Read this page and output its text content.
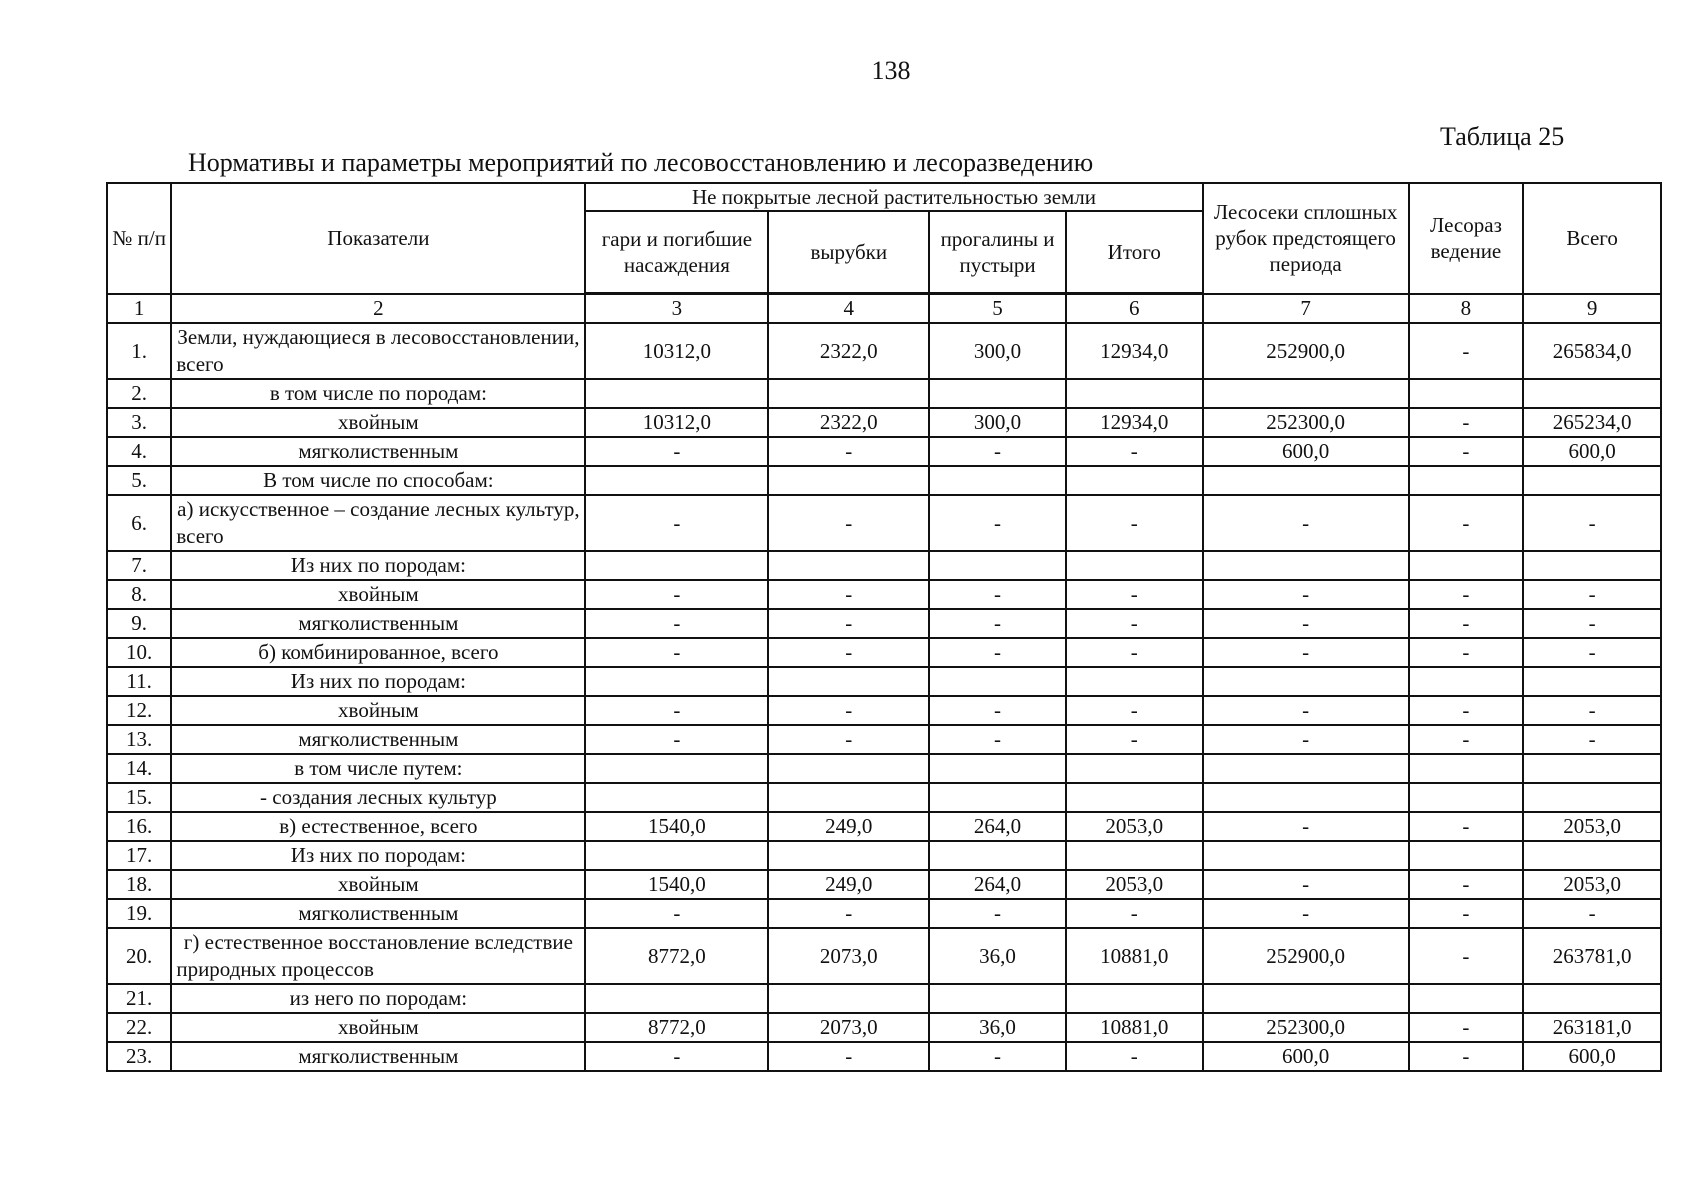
138
Таблица 25
Нормативы и параметры мероприятий по лесовосстановлению и лесоразведению
№ п/п	Показатели	Не покрытые лесной растительностью земли				Лесосеки сплошных рубок предстоящего периода	Лесораз ведение	Всего
		гари и погибшие насаждения	вырубки	прогалины и пустыри	Итого			
1	2	3	4	5	6	7	8	9
1.	Земли, нуждающиеся в лесовосстановлении, всего	10312,0	2322,0	300,0	12934,0	252900,0	-	265834,0
2.	в том числе по породам:							
3.	хвойным	10312,0	2322,0	300,0	12934,0	252300,0	-	265234,0
4.	мягколиственным	-	-	-	-	600,0	-	600,0
5.	В том числе по способам:							
6.	а) искусственное – создание лесных культур, всего	-	-	-	-	-	-	-
7.	Из них по породам:							
8.	хвойным	-	-	-	-	-	-	-
9.	мягколиственным	-	-	-	-	-	-	-
10.	б) комбинированное, всего	-	-	-	-	-	-	-
11.	Из них по породам:							
12.	хвойным	-	-	-	-	-	-	-
13.	мягколиственным	-	-	-	-	-	-	-
14.	в том числе путем:							
15.	- создания лесных культур							
16.	в) естественное, всего	1540,0	249,0	264,0	2053,0	-	-	2053,0
17.	Из них по породам:							
18.	хвойным	1540,0	249,0	264,0	2053,0	-	-	2053,0
19.	мягколиственным	-	-	-	-	-	-	-
20.	г) естественное восстановление вследствие природных процессов	8772,0	2073,0	36,0	10881,0	252900,0	-	263781,0
21.	из него по породам:							
22.	хвойным	8772,0	2073,0	36,0	10881,0	252300,0	-	263181,0
23.	мягколиственным	-	-	-	-	600,0	-	600,0
